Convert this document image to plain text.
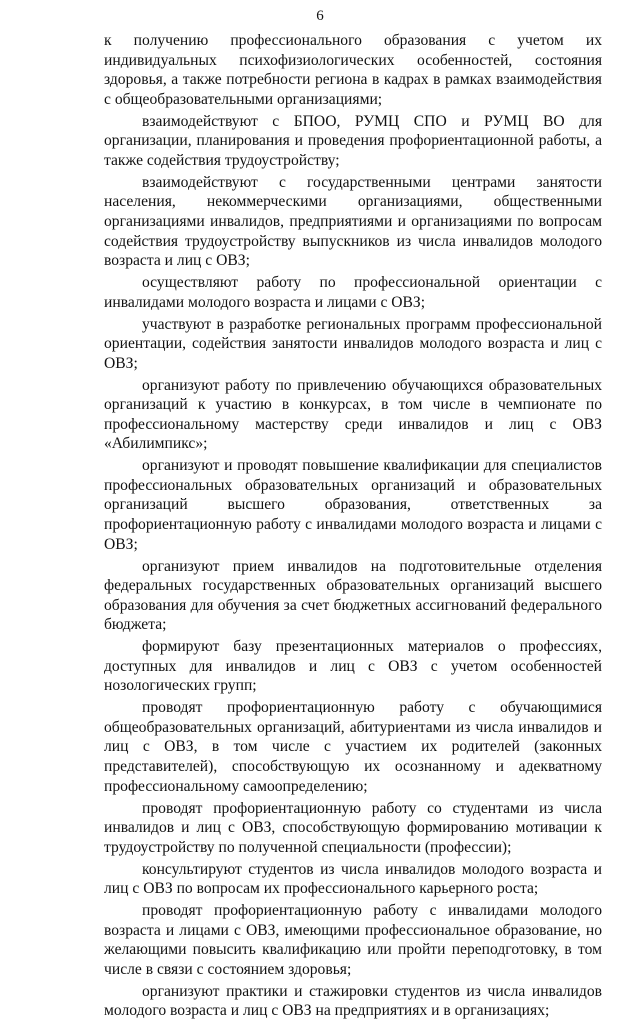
6

к получению профессионального образования с учетом их индивидуальных психофизиологических особенностей, состояния здоровья, а также потребности региона в кадрах в рамках взаимодействия с общеобразовательными организациями;

взаимодействуют с БПОО, РУМЦ СПО и РУМЦ ВО для организации, планирования и проведения профориентационной работы, а также содействия трудоустройству;

взаимодействуют с государственными центрами занятости населения, некоммерческими организациями, общественными организациями инвалидов, предприятиями и организациями по вопросам содействия трудоустройству выпускников из числа инвалидов молодого возраста и лиц с ОВЗ;

осуществляют работу по профессиональной ориентации с инвалидами молодого возраста и лицами с ОВЗ;

участвуют в разработке региональных программ профессиональной ориентации, содействия занятости инвалидов молодого возраста и лиц с ОВЗ;

организуют работу по привлечению обучающихся образовательных организаций к участию в конкурсах, в том числе в чемпионате по профессиональному мастерству среди инвалидов и лиц с ОВЗ «Абилимпикс»;

организуют и проводят повышение квалификации для специалистов профессиональных образовательных организаций и образовательных организаций высшего образования, ответственных за профориентационную работу с инвалидами молодого возраста и лицами с ОВЗ;

организуют прием инвалидов на подготовительные отделения федеральных государственных образовательных организаций высшего образования для обучения за счет бюджетных ассигнований федерального бюджета;

формируют базу презентационных материалов о профессиях, доступных для инвалидов и лиц с ОВЗ с учетом особенностей нозологических групп;

проводят профориентационную работу с обучающимися общеобразовательных организаций, абитуриентами из числа инвалидов и лиц с ОВЗ, в том числе с участием их родителей (законных представителей), способствующую их осознанному и адекватному профессиональному самоопределению;

проводят профориентационную работу со студентами из числа инвалидов и лиц с ОВЗ, способствующую формированию мотивации к трудоустройству по полученной специальности (профессии);

консультируют студентов из числа инвалидов молодого возраста и лиц с ОВЗ по вопросам их профессионального карьерного роста;

проводят профориентационную работу с инвалидами молодого возраста и лицами с ОВЗ, имеющими профессиональное образование, но желающими повысить квалификацию или пройти переподготовку, в том числе в связи с состоянием здоровья;

организуют практики и стажировки студентов из числа инвалидов молодого возраста и лиц с ОВЗ на предприятиях и в организациях;
